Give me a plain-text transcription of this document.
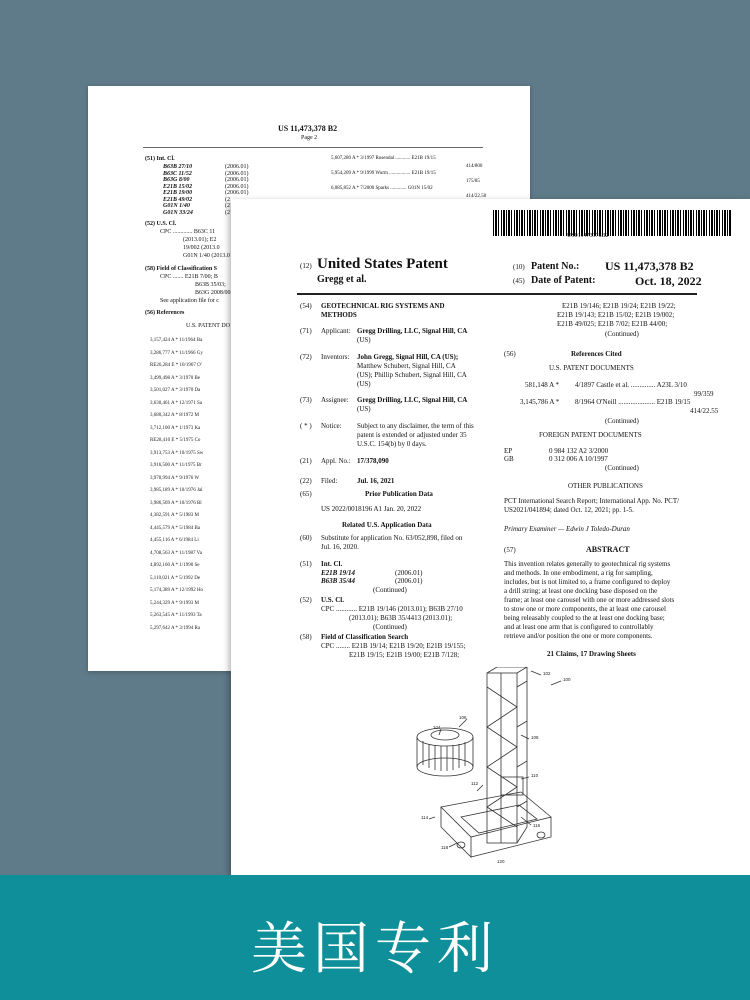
US 11,473,378 B2
Page 2
(51) Int. Cl.
B63B 27/10	(2006.01)
B63C 11/52	(2006.01)
B63G 8/00	(2006.01)
E21B 15/02	(2006.01)
E21B 19/00	(2006.01)
E21B 49/02	(2
G01N 1/40	(2
G01N 33/24	(2
(52) U.S. Cl.
CPC ............. B63C 11
(2013.01); E2
19/002 (2013.0
G01N 1/40 (2013.0
(58) Field of Classification S
CPC ....... E21B 7/00; B
B63B 35/03;
B63G 2008/00
See application file for c
(56) References
U.S. PATENT DO
5,607,280 A * 3/1997 Rosendal ............ E21B 19/15
414/800
5,954,209 A * 9/1999 Wurm ................. E21B 19/15
175/85
6,085,852 A * 7/2000 Sparks ............. G01N 15/02
414/22.58
3,157,424 A * 11/1964 Ba
3,286,777 A * 11/1966 Gy
RE26,284 E * 10/1967 O'
3,499,498 A * 3/1970 Be
3,501,027 A * 3/1970 Da
3,630,461 A * 12/1971 Sa
3,680,342 A * 8/1972 M
3,712,100 A * 1/1973 Ka
RE28,410 E * 5/1975 Co
3,913,753 A * 10/1975 Sw
3,916,500 A * 11/1975 Br
3,978,994 A * 9/1976 W
3,985,189 A * 10/1976 Jal
3,986,569 A * 10/1976 Bl
4,382,591 A * 5/1983 M
4,445,579 A * 5/1984 Ba
4,455,116 A * 6/1984 Li
4,708,563 A * 11/1987 Va
4,892,160 A * 1/1990 Se
5,110,021 A * 5/1992 De
5,174,389 A * 12/1992 Ho
5,244,329 A * 9/1993 M
5,263,545 A * 11/1993 Ta
5,297,642 A * 3/1994 Ra
US011473378B2
(12) United States Patent
Gregg et al.
(10) Patent No.: US 11,473,378 B2
(45) Date of Patent:	Oct. 18, 2022
(54) GEOTECHNICAL RIG SYSTEMS AND
METHODS
(71) Applicant: Gregg Drilling, LLC, Signal Hill, CA
(US)
(72) Inventors: John Gregg, Signal Hill, CA (US);
Matthew Schubert, Signal Hill, CA
(US); Phillip Schubert, Signal Hill, CA
(US)
(73) Assignee: Gregg Drilling, LLC, Signal Hill, CA
(US)
( * ) Notice: Subject to any disclaimer, the term of this
patent is extended or adjusted under 35
U.S.C. 154(b) by 0 days.
(21) Appl. No.: 17/378,090
(22) Filed:	Jul. 16, 2021
(65)	Prior Publication Data
US 2022/0018196 A1 Jan. 20, 2022
Related U.S. Application Data
(60) Substitute for application No. 63/052,898, filed on
Jul. 16, 2020.
(51) Int. Cl.
E21B 19/14	(2006.01)
B63B 35/44	(2006.01)
(Continued)
(52) U.S. Cl.
CPC ............ E21B 19/146 (2013.01); B63B 27/10
(2013.01); B63B 35/4413 (2013.01);
(Continued)
(58) Field of Classification Search
CPC ........ E21B 19/14; E21B 19/20; E21B 19/155;
E21B 19/15; E21B 19/00; E21B 7/128;
E21B 19/146; E21B 19/24; E21B 19/22;
E21B 19/143; E21B 15/02; E21B 19/002;
E21B 49/025; E21B 7/02; E21B 44/00;
(Continued)
(56)	References Cited
U.S. PATENT DOCUMENTS
581,148 A * 4/1897 Castle et al. .............. A23L 3/10
99/359
3,145,786 A * 8/1964 O'Neill ..................... E21B 19/15
414/22.55
(Continued)
FOREIGN PATENT DOCUMENTS
EP	0 984 132 A2 3/2000
GB	0 312 006 A 10/1997
(Continued)
OTHER PUBLICATIONS
PCT International Search Report; International App. No. PCT/
US2021/041894; dated Oct. 12, 2021; pp. 1-5.
Primary Examiner — Edwin J Toledo-Duran
(57)	ABSTRACT
This invention relates generally to geotechnical rig systems
and methods. In one embodiment, a rig for sampling,
includes, but is not limited to, a frame configured to deploy
a drill string; at least one docking base disposed on the
frame; at least one carousel with one or more addressed slots
to stow one or more components, the at least one carousel
being releasably coupled to the at least one docking base;
and at least one arm that is configured to controllably
retrieve and/or position the one or more components.
21 Claims, 17 Drawing Sheets
102
100
106
104
108
110
112
114
116
118
120
美国专利
